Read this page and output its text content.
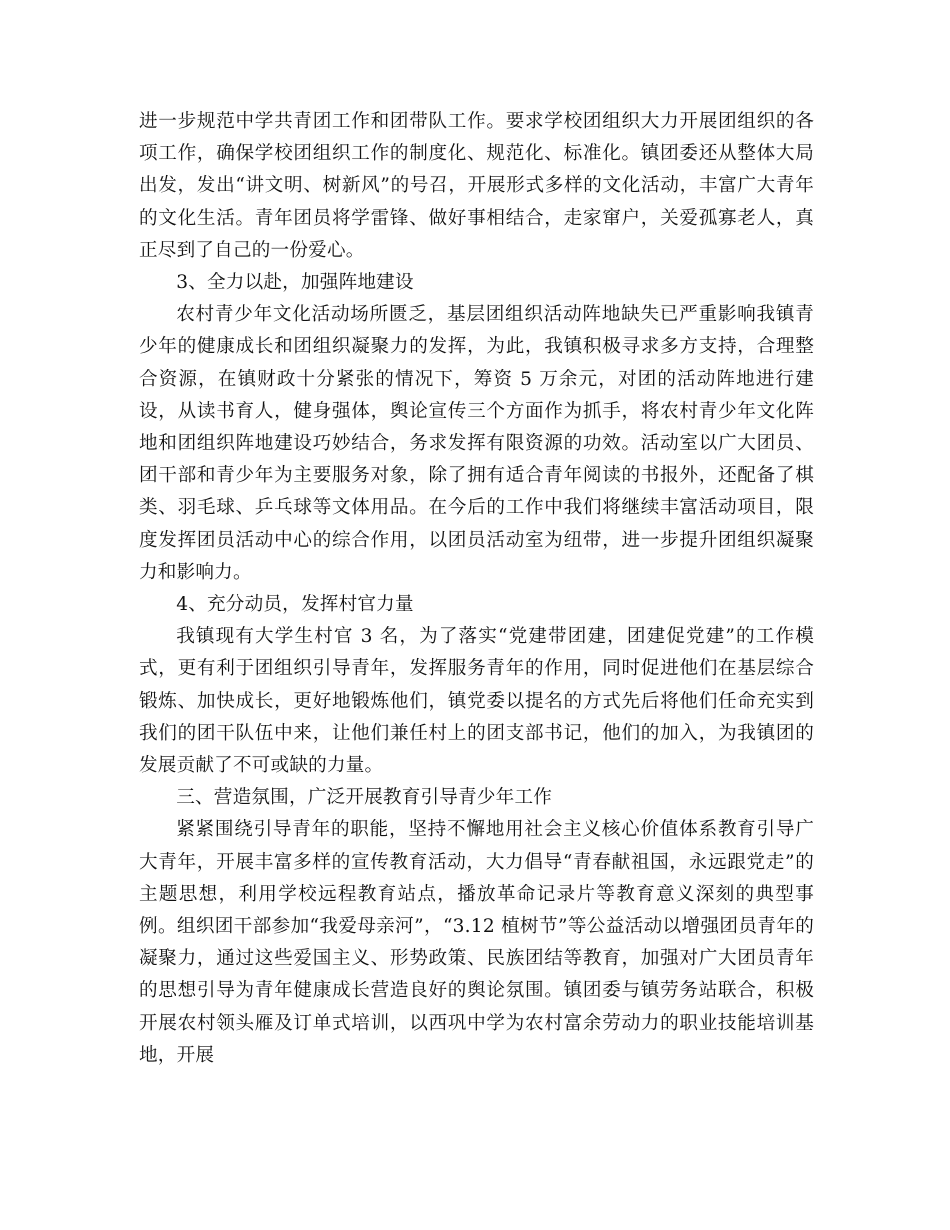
进一步规范中学共青团工作和团带队工作。要求学校团组织大力开展团组织的各项工作，确保学校团组织工作的制度化、规范化、标准化。镇团委还从整体大局出发，发出“讲文明、树新风”的号召，开展形式多样的文化活动，丰富广大青年的文化生活。青年团员将学雷锋、做好事相结合，走家窜户，关爱孤寡老人，真正尽到了自己的一份爱心。

3、全力以赴，加强阵地建设

农村青少年文化活动场所匮乏，基层团组织活动阵地缺失已严重影响我镇青少年的健康成长和团组织凝聚力的发挥，为此，我镇积极寻求多方支持，合理整合资源，在镇财政十分紧张的情况下，筹资 5 万余元，对团的活动阵地进行建设，从读书育人，健身强体，舆论宣传三个方面作为抓手，将农村青少年文化阵地和团组织阵地建设巧妙结合，务求发挥有限资源的功效。活动室以广大团员、团干部和青少年为主要服务对象，除了拥有适合青年阅读的书报外，还配备了棋类、羽毛球、乒乓球等文体用品。在今后的工作中我们将继续丰富活动项目，限度发挥团员活动中心的综合作用，以团员活动室为纽带，进一步提升团组织凝聚力和影响力。

4、充分动员，发挥村官力量

我镇现有大学生村官 3 名，为了落实“党建带团建，团建促党建”的工作模式，更有利于团组织引导青年，发挥服务青年的作用，同时促进他们在基层综合锻炼、加快成长，更好地锻炼他们，镇党委以提名的方式先后将他们任命充实到我们的团干队伍中来，让他们兼任村上的团支部书记，他们的加入，为我镇团的发展贡献了不可或缺的力量。

三、营造氛围，广泛开展教育引导青少年工作

紧紧围绕引导青年的职能，坚持不懈地用社会主义核心价值体系教育引导广大青年，开展丰富多样的宣传教育活动，大力倡导“青春献祖国，永远跟党走”的主题思想，利用学校远程教育站点，播放革命记录片等教育意义深刻的典型事例。组织团干部参加“我爱母亲河”，“3.12 植树节”等公益活动以增强团员青年的凝聚力，通过这些爱国主义、形势政策、民族团结等教育，加强对广大团员青年的思想引导为青年健康成长营造良好的舆论氛围。镇团委与镇劳务站联合，积极开展农村领头雁及订单式培训，以西巩中学为农村富余劳动力的职业技能培训基地，开展
